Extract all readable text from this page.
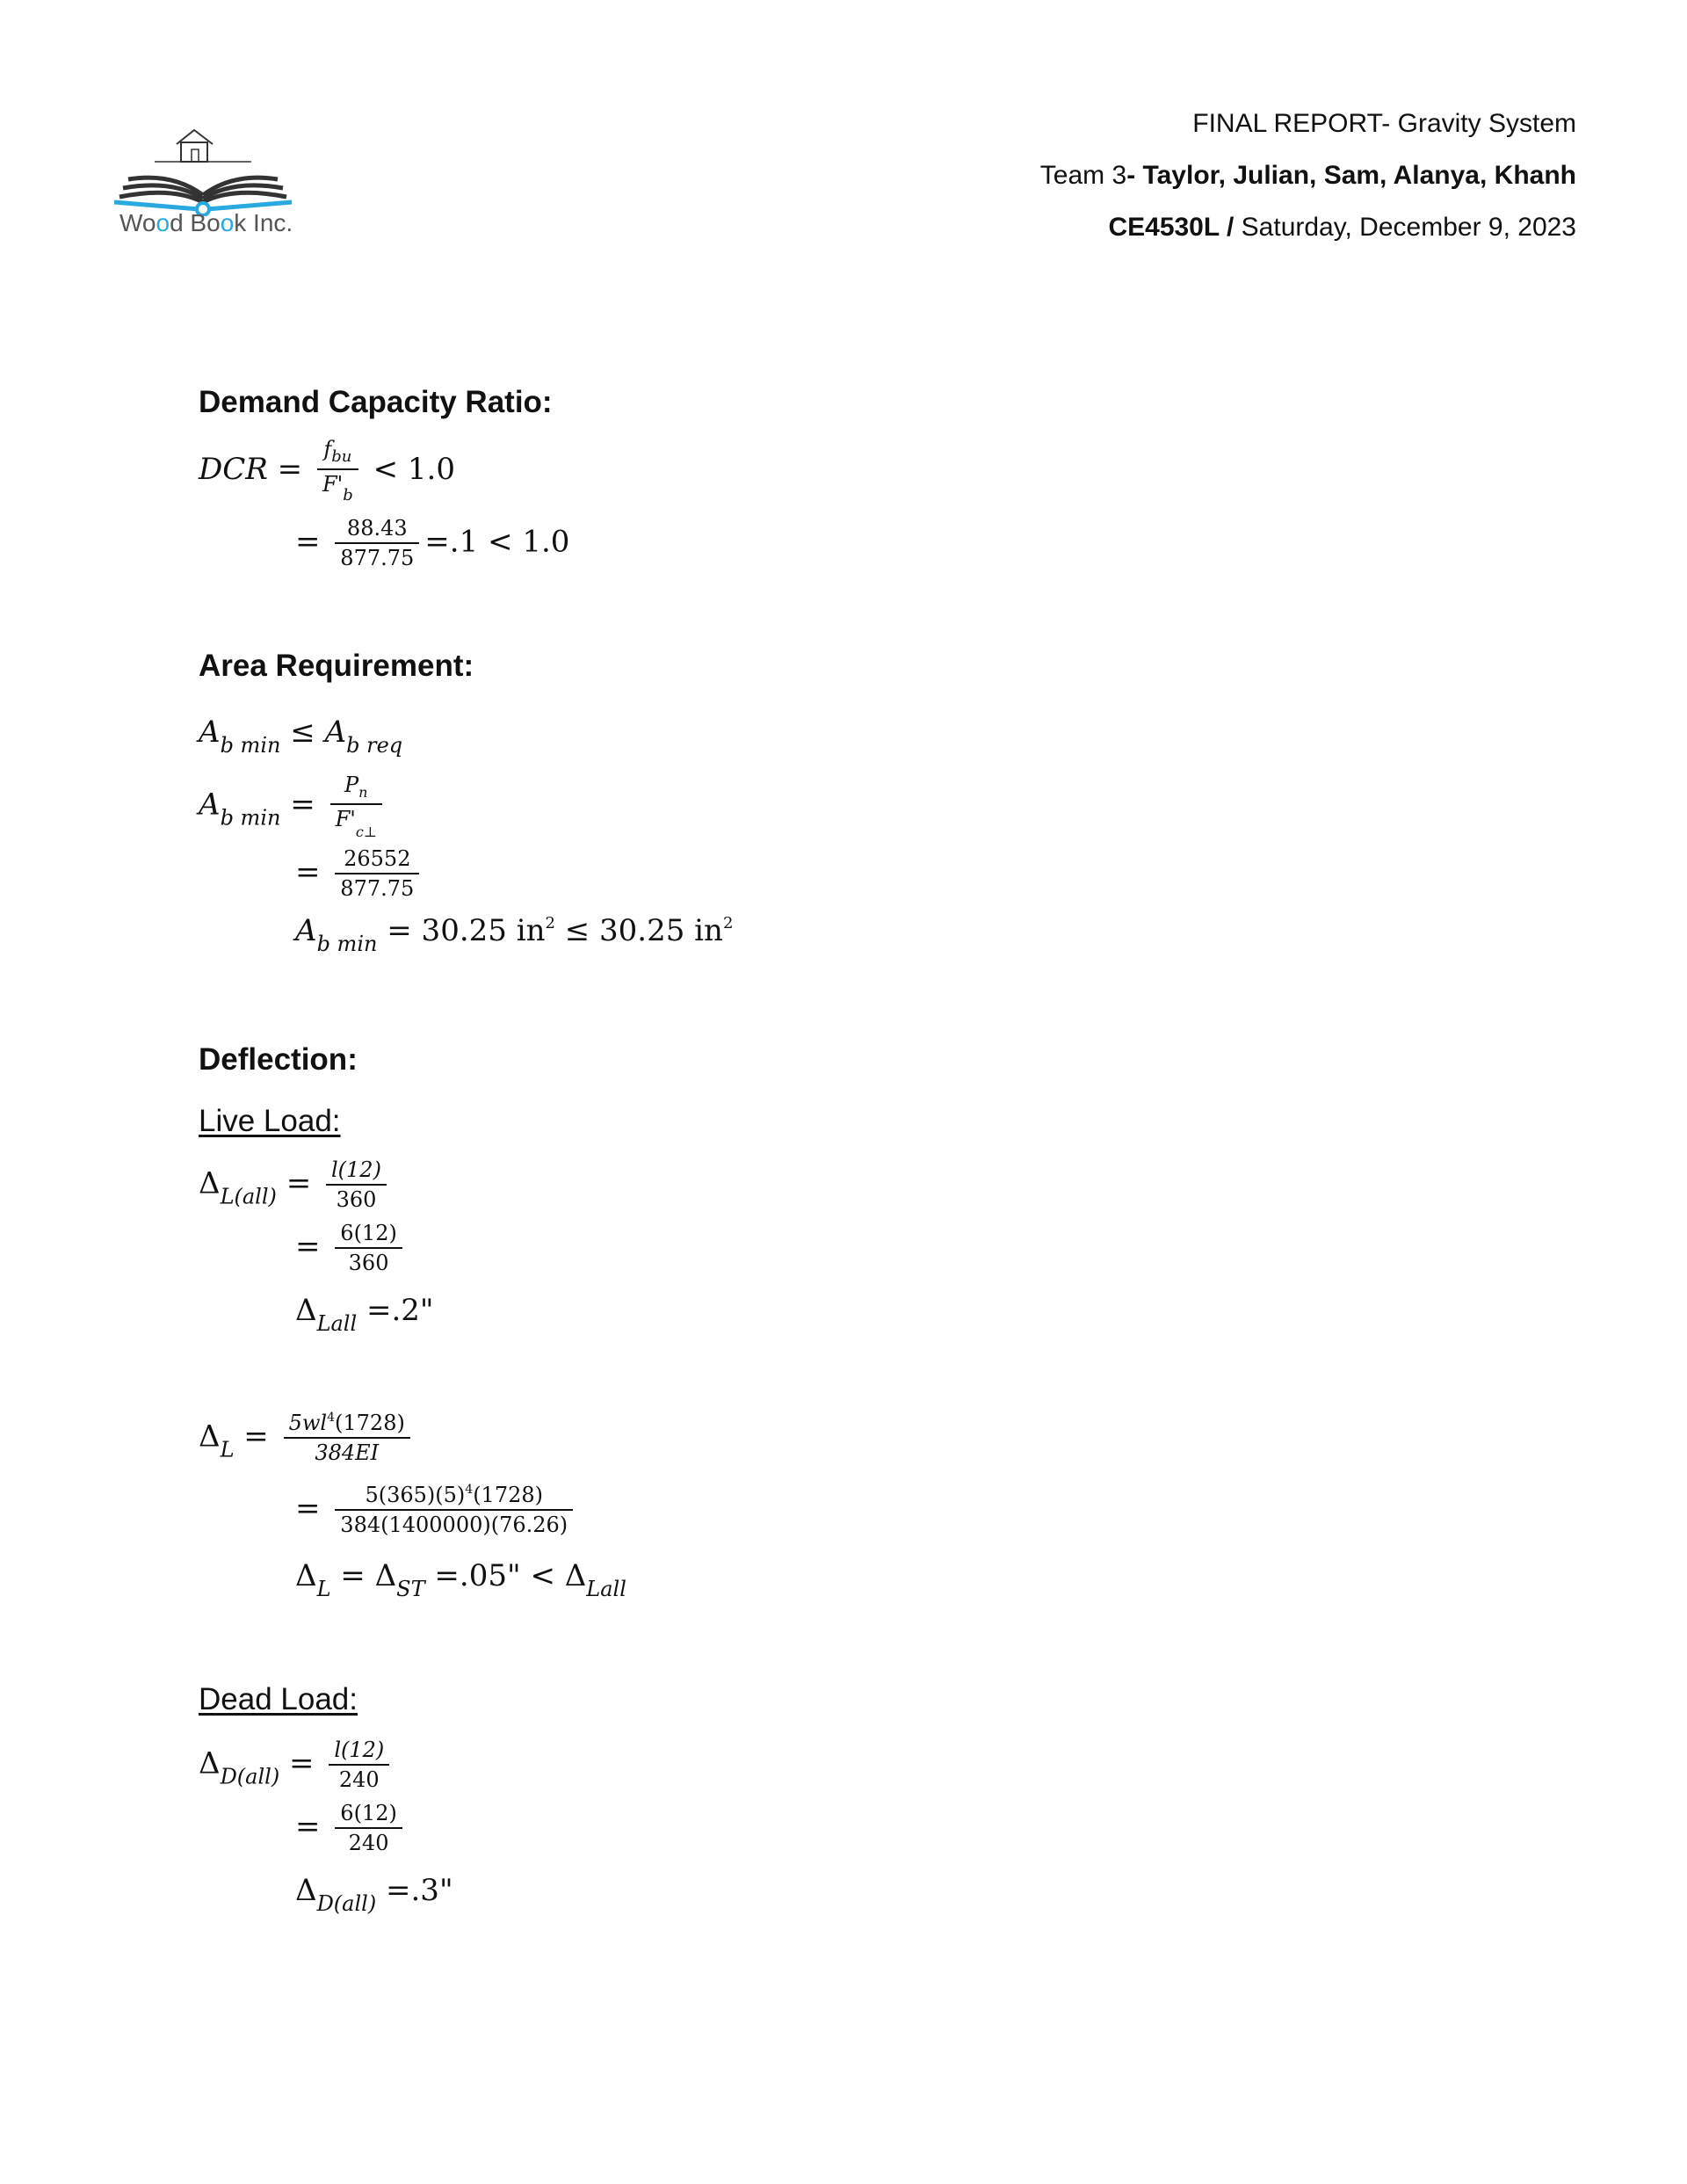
Wood Book Inc.
FINAL REPORT- Gravity System
Team 3- Taylor, Julian, Sam, Alanya, Khanh
CE4530L / Saturday, December 9, 2023
Demand Capacity Ratio:
DCR = $\frac{f_{bu}}{F'_b} < 1.0$
= $\frac{88.43}{877.75} =.1 < 1.0$
Area Requirement:
$A_{b min} \le A_{b req}$
$A_{b min} = \frac{P_n}{F'_{c\perp}}$
= $\frac{26552}{877.75}$
$A_{b min} = 30.25$ $in^2 \le 30.25$ $in^2$
Deflection:
Live Load:
$\Delta_{L(all)} = \frac{l(12)}{360}$
= $\frac{6(12)}{360}$
$\Delta_{Lall} =.2$"
$\Delta_L = \frac{5wl^4(1728)}{384EI}$
= $\frac{5(365)(5)^4(1728)}{384(1400000)(76.26)}$
$\Delta_L = \Delta_{ST} =.05$" < $\Delta_{Lall}$
Dead Load:
$\Delta_{D(all)} = \frac{l(12)}{240}$
= $\frac{6(12)}{240}$
$\Delta_{D(all)} =.3$"
